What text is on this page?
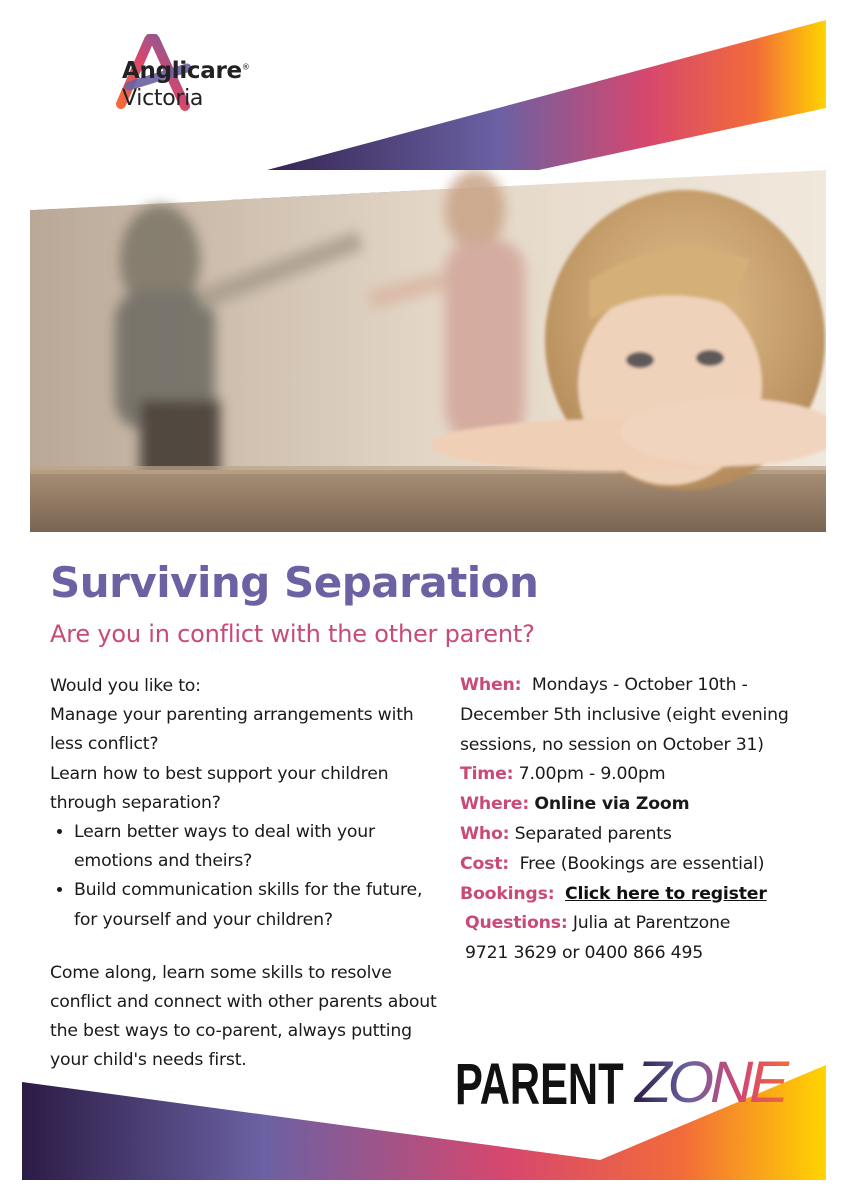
Anglicare®
Victoria
Surviving Separation
Are you in conflict with the other parent?

Would you like to:

Manage your parenting arrangements with less conflict?

Learn how to best support your children through separation?

• Learn better ways to deal with your emotions and theirs?
• Build communication skills for the future, for yourself and your children?

Come along, learn some skills to resolve conflict and connect with other parents about the best ways to co-parent, always putting your child's needs first.

When: Mondays - October 10th - December 5th inclusive (eight evening sessions, no session on October 31)

Time: 7.00pm - 9.00pm

Where: Online via Zoom

Who: Separated parents

Cost: Free (Bookings are essential)

Bookings: Click here to register

Questions: Julia at Parentzone

9721 3629 or 0400 866 495

PARENT ZONE
